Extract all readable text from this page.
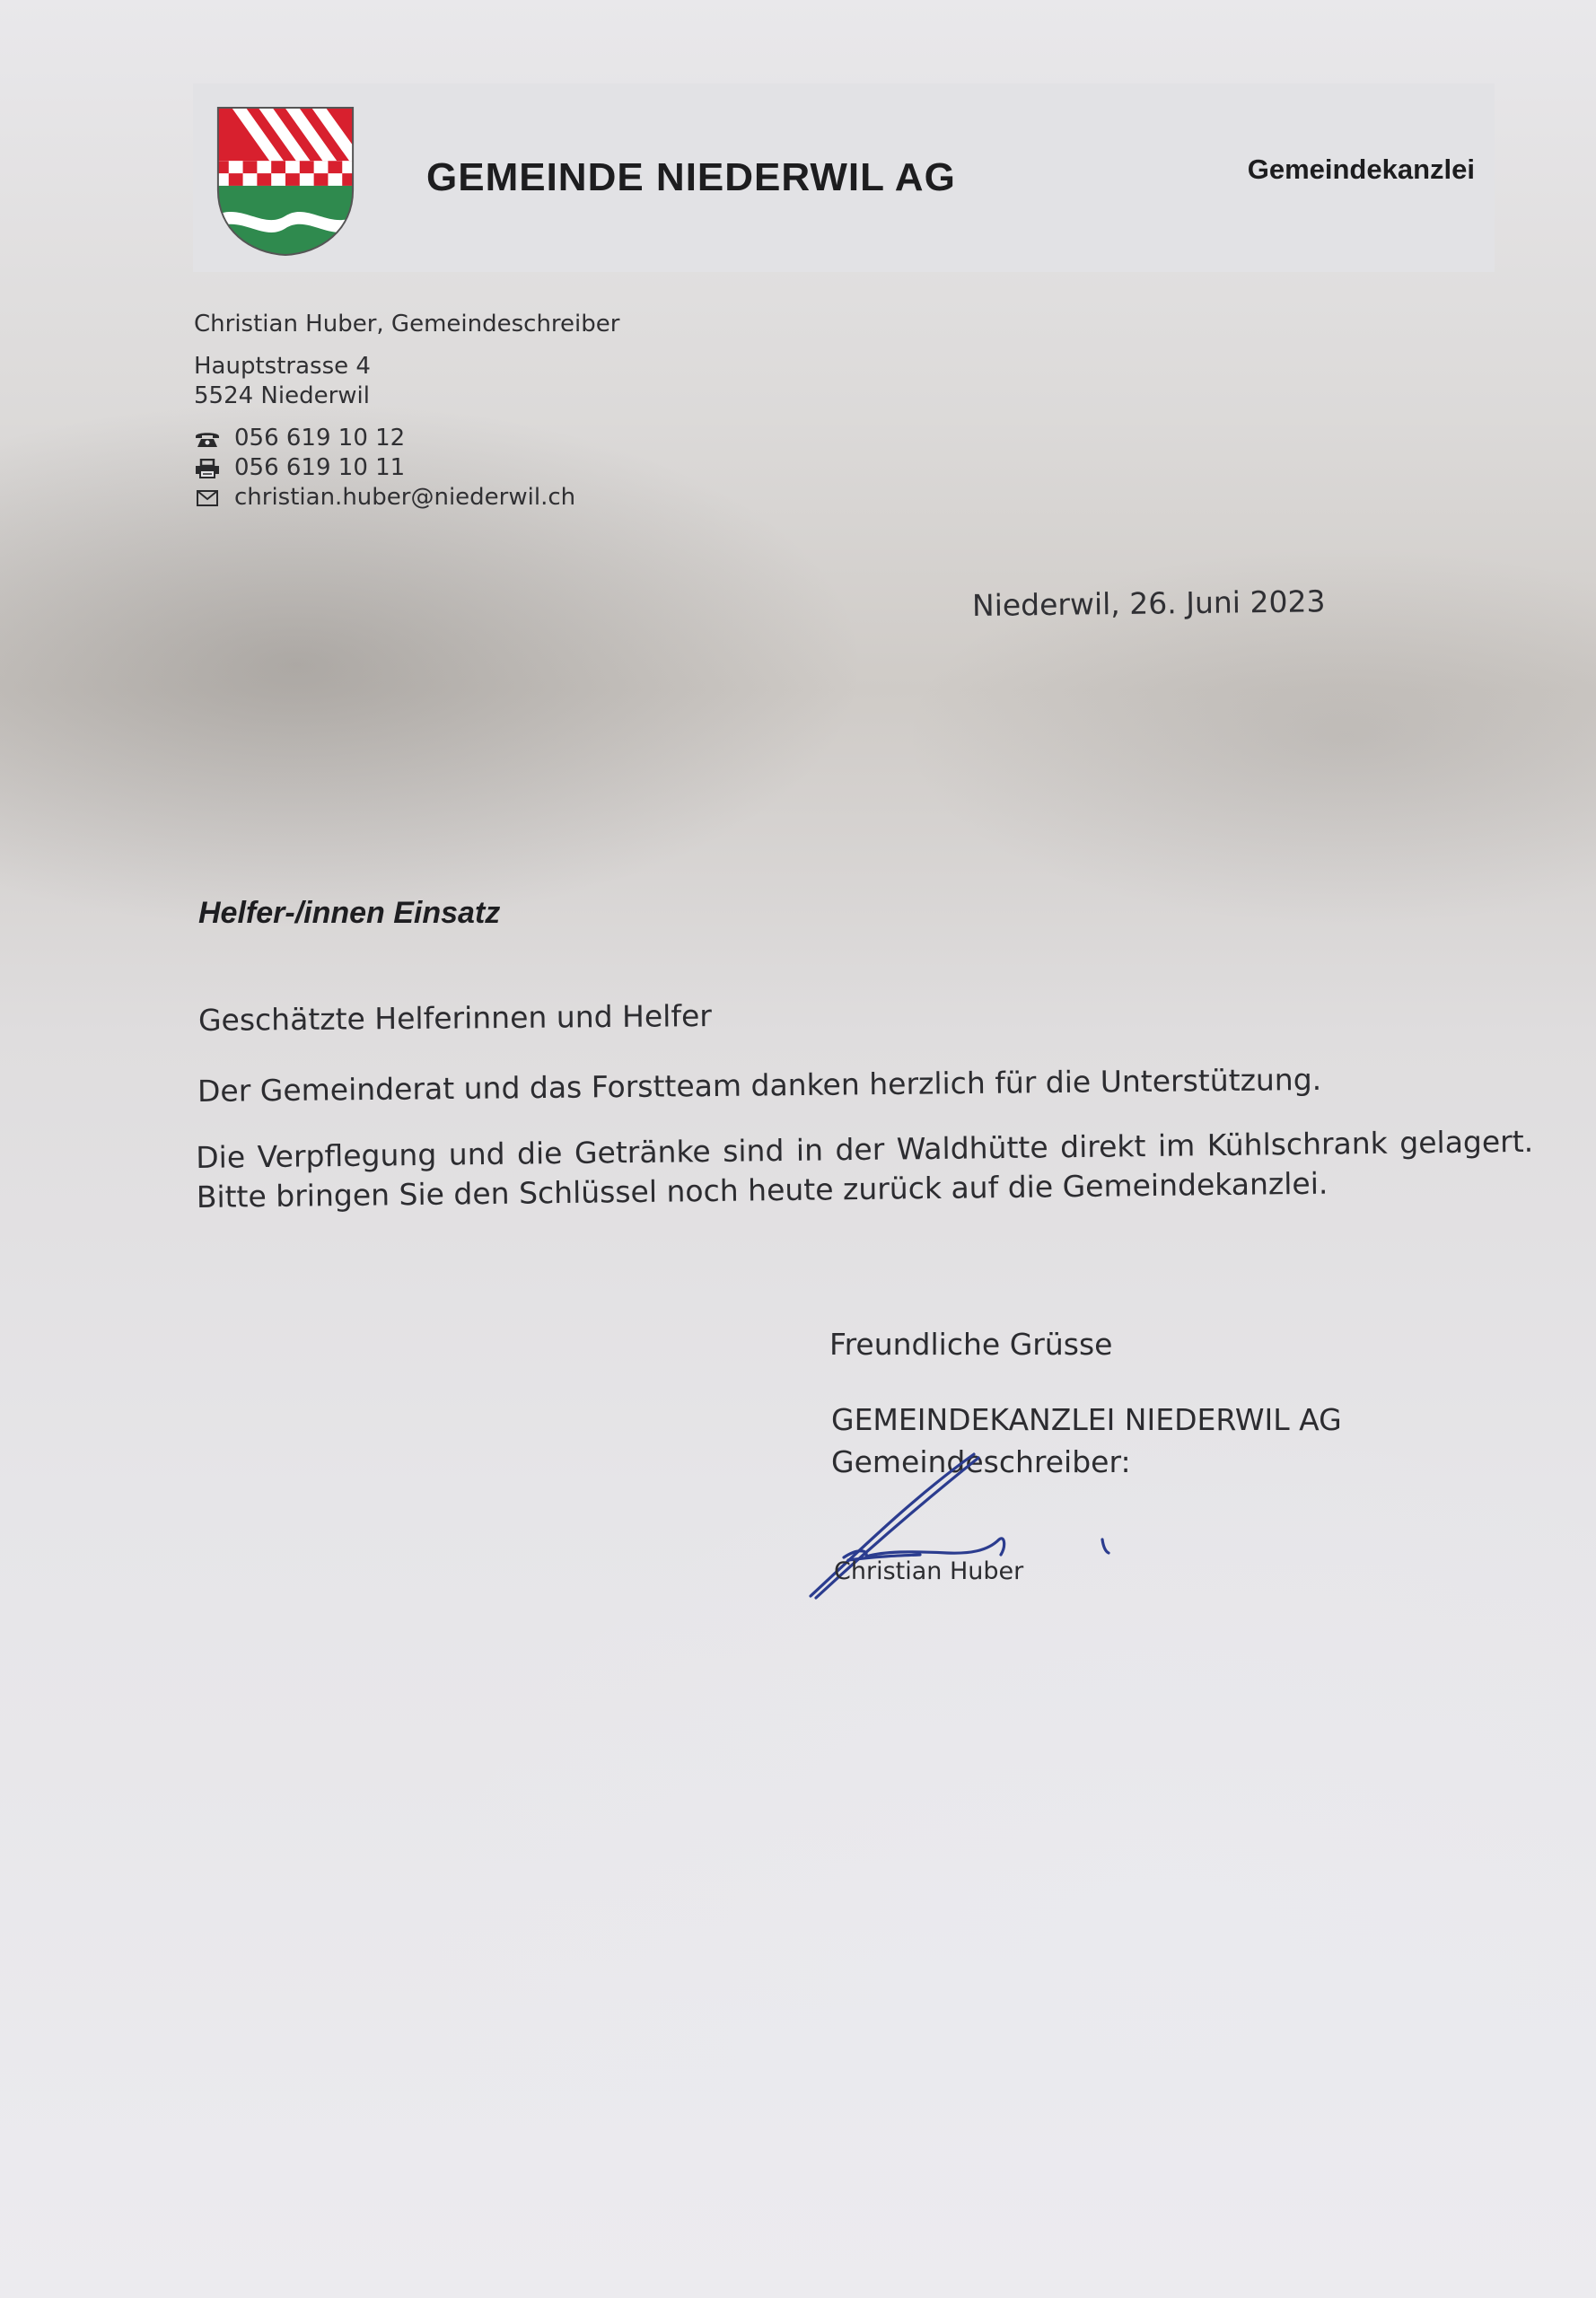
GEMEINDE NIEDERWIL AG	Gemeindekanzlei
Christian Huber, Gemeindeschreiber
Hauptstrasse 4
5524 Niederwil
056 619 10 12
056 619 10 11
christian.huber@niederwil.ch
Niederwil, 26. Juni 2023
Helfer-/innen Einsatz
Geschätzte Helferinnen und Helfer
Der Gemeinderat und das Forstteam danken herzlich für die Unterstützung.
Die Verpflegung und die Getränke sind in der Waldhütte direkt im Kühlschrank gelagert. Bitte bringen Sie den Schlüssel noch heute zurück auf die Gemeindekanzlei.
Freundliche Grüsse
GEMEINDEKANZLEI NIEDERWIL AG
Gemeindeschreiber:
Christian Huber
